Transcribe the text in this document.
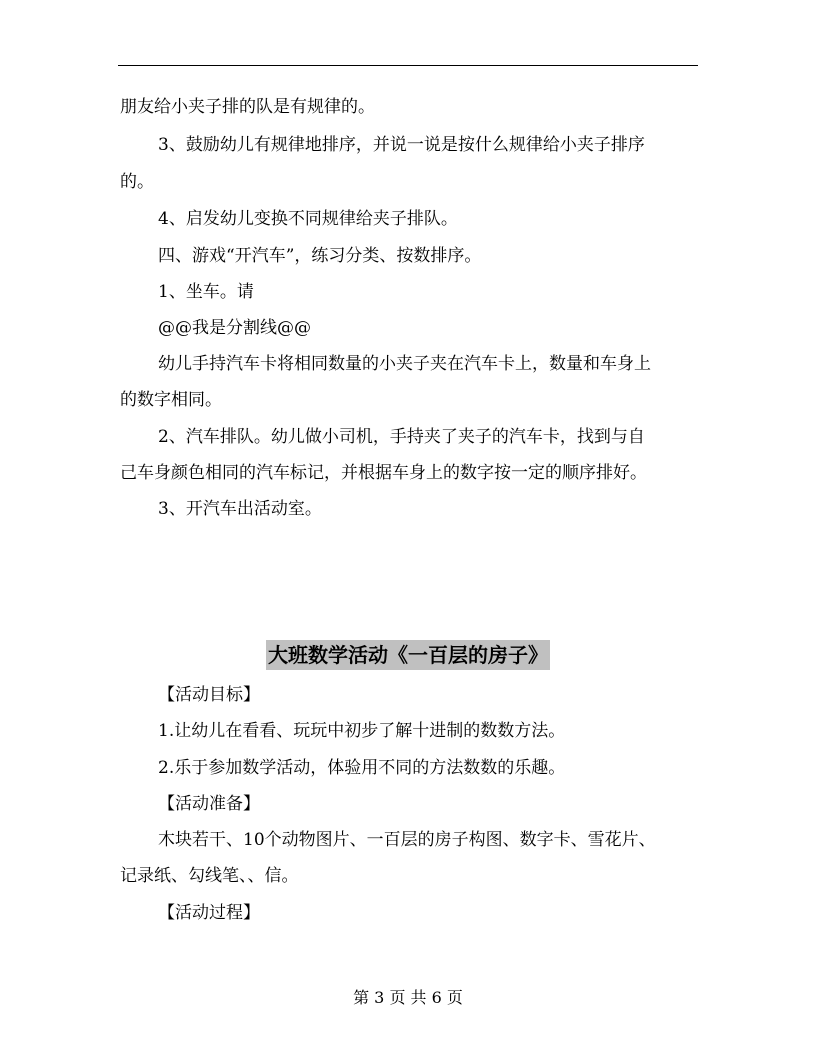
朋友给小夹子排的队是有规律的。
3、鼓励幼儿有规律地排序，并说一说是按什么规律给小夹子排序
的。
4、启发幼儿变换不同规律给夹子排队。
四、游戏“开汽车”，练习分类、按数排序。
1、坐车。请
@@我是分割线@@
幼儿手持汽车卡将相同数量的小夹子夹在汽车卡上，数量和车身上
的数字相同。
2、汽车排队。幼儿做小司机，手持夹了夹子的汽车卡，找到与自
己车身颜色相同的汽车标记，并根据车身上的数字按一定的顺序排好。
3、开汽车出活动室。
大班数学活动《一百层的房子》
【活动目标】
1.让幼儿在看看、玩玩中初步了解十进制的数数方法。
2.乐于参加数学活动，体验用不同的方法数数的乐趣。
【活动准备】
木块若干、10个动物图片、一百层的房子构图、数字卡、雪花片、
记录纸、勾线笔、、信。
【活动过程】
第 3 页 共 6 页
